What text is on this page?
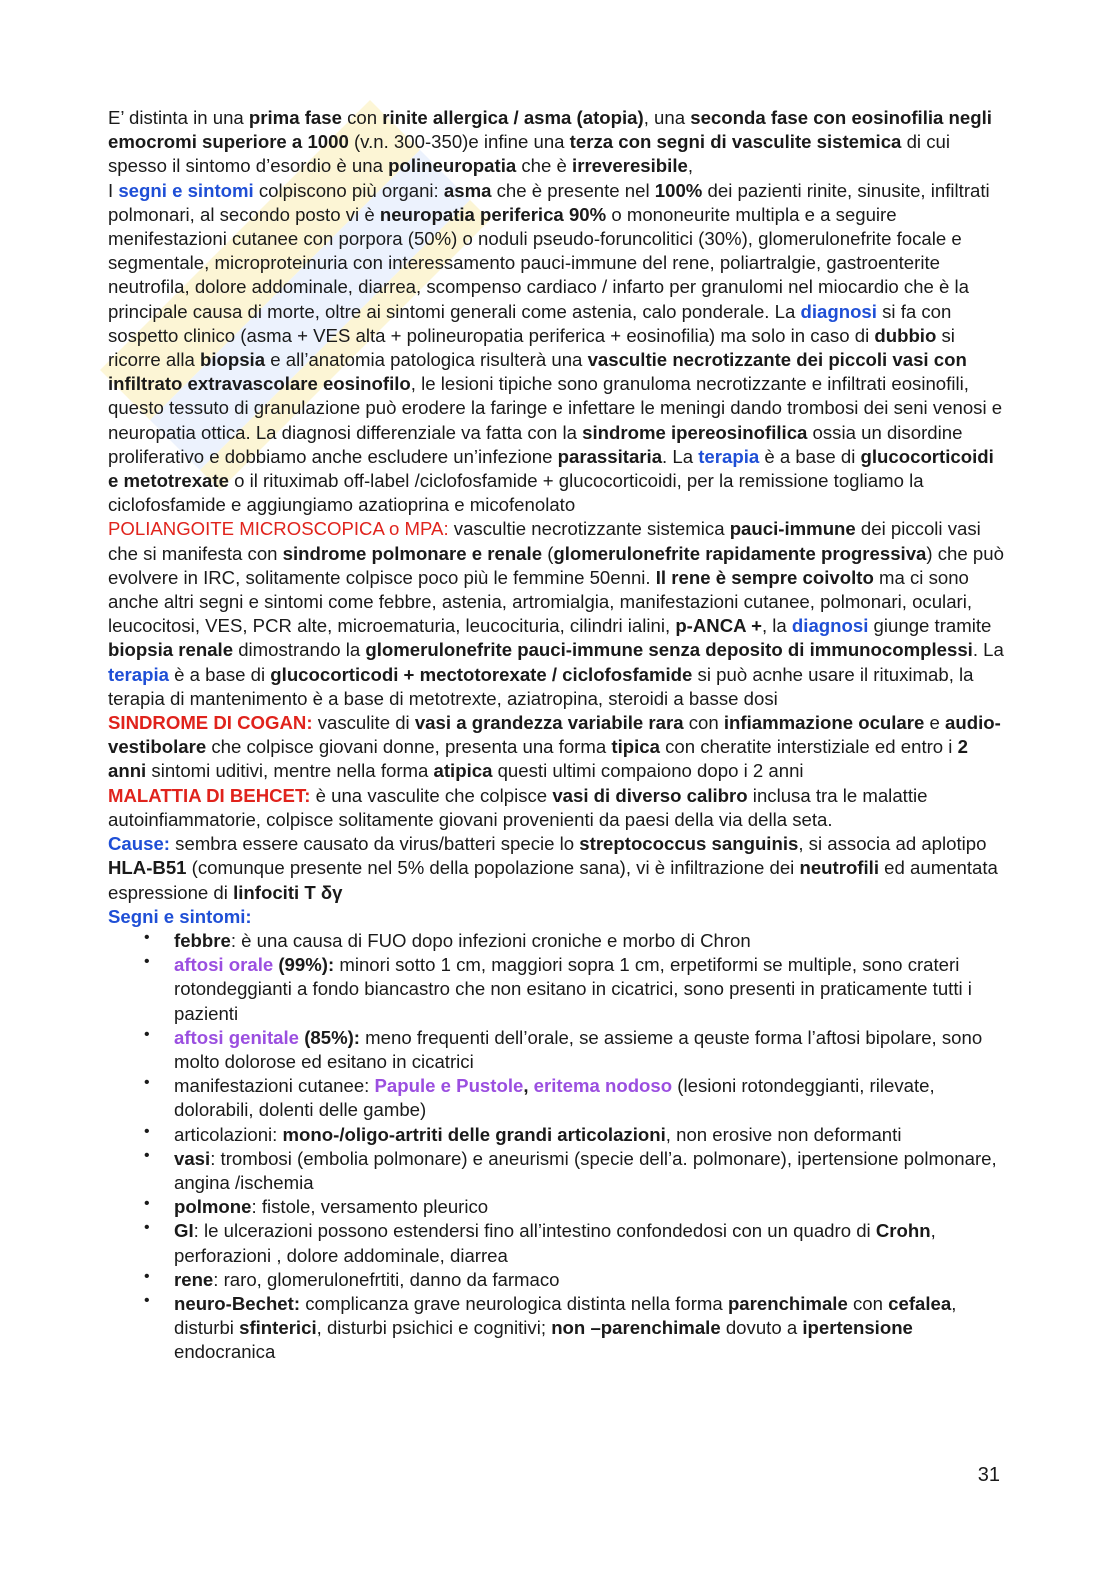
E’ distinta in una prima fase con rinite allergica / asma (atopia), una seconda fase con eosinofilia negli emocromi superiore a 1000 (v.n. 300-350)e infine una terza con segni di vasculite sistemica di cui spesso il sintomo d’esordio è una polineuropatia che è irreveresibile,
I segni e sintomi colpiscono più organi: asma che è presente nel 100% dei pazienti rinite, sinusite, infiltrati polmonari, al secondo posto vi è neuropatia periferica 90% o mononeurite multipla e a seguire menifestazioni cutanee con porpora (50%) o noduli pseudo-foruncolitici (30%), glomerulonefrite focale e segmentale, microproteinuria con interessamento pauci-immune del rene, poliartralgie, gastroenterite neutrofila, dolore addominale, diarrea, scompenso cardiaco / infarto per granulomi nel miocardio che è la principale causa di morte, oltre ai sintomi generali come astenia, calo ponderale. La diagnosi si fa con sospetto clinico (asma + VES alta + polineuropatia periferica + eosinofilia) ma solo in caso di dubbio si ricorre alla biopsia e all’anatomia patologica risulterà una vascultie necrotizzante dei piccoli vasi con infiltrato extravascolare eosinofilo, le lesioni tipiche sono granuloma necrotizzante e infiltrati eosinofili, questo tessuto di granulazione può erodere la faringe e infettare le meningi dando trombosi dei seni venosi e neuropatia ottica. La diagnosi differenziale va fatta con la sindrome ipereosinofilica ossia un disordine proliferativo e dobbiamo anche escludere un’infezione parassitaria. La terapia è a base di glucocorticoidi e metotrexate o il rituximab off-label /ciclofosfamide + glucocorticoidi, per la remissione togliamo la ciclofosfamide e aggiungiamo azatioprina e micofenolato

POLIANGOITE MICROSCOPICA o MPA: vascultie necrotizzante sistemica pauci-immune dei piccoli vasi che si manifesta con sindrome polmonare e renale (glomerulonefrite rapidamente progressiva) che può evolvere in IRC, solitamente colpisce poco più le femmine 50enni. Il rene è sempre coivolto ma ci sono anche altri segni e sintomi come febbre, astenia, artromialgia, manifestazioni cutanee, polmonari, oculari, leucocitosi, VES, PCR alte, microematuria, leucocituria, cilindri ialini, p-ANCA +, la diagnosi giunge tramite biopsia renale dimostrando la glomerulonefrite pauci-immune senza deposito di immunocomplessi. La terapia è a base di glucocorticodi + mectotorexate / ciclofosfamide si può acnhe usare il rituximab, la terapia di mantenimento è a base di metotrexte, aziatropina, steroidi a basse dosi

SINDROME DI COGAN: vasculite di vasi a grandezza variabile rara con infiammazione oculare e audio-vestibolare che colpisce giovani donne, presenta una forma tipica con cheratite interstiziale ed entro i 2 anni sintomi uditivi, mentre nella forma atipica questi ultimi compaiono dopo i 2 anni

MALATTIA DI BEHCET: è una vasculite che colpisce vasi di diverso calibro inclusa tra le malattie autoinfiammatorie, colpisce solitamente giovani provenienti da paesi della via della seta.

Cause: sembra essere causato da virus/batteri specie lo streptococcus sanguinis, si associa ad aplotipo HLA-B51 (comunque presente nel 5% della popolazione sana), vi è infiltrazione dei neutrofili ed aumentata espressione di linfociti T δγ

Segni e sintomi:

• febbre: è una causa di FUO dopo infezioni croniche e morbo di Chron
• aftosi orale (99%): minori sotto 1 cm, maggiori sopra 1 cm, erpetiformi se multiple, sono crateri rotondeggianti a fondo biancastro che non esitano in cicatrici, sono presenti in praticamente tutti i pazienti
• aftosi genitale (85%): meno frequenti dell’orale, se assieme a qeuste forma l’aftosi bipolare, sono molto dolorose ed esitano in cicatrici
• manifestazioni cutanee: Papule e Pustole, eritema nodoso (lesioni rotondeggianti, rilevate, dolorabili, dolenti delle gambe)
• articolazioni: mono-/oligo-artriti delle grandi articolazioni, non erosive non deformanti
• vasi: trombosi (embolia polmonare) e aneurismi (specie dell’a. polmonare), ipertensione polmonare, angina /ischemia
• polmone: fistole, versamento pleurico
• GI: le ulcerazioni possono estendersi fino all’intestino confondedosi con un quadro di Crohn, perforazioni , dolore addominale, diarrea
• rene: raro, glomerulonefrtiti, danno da farmaco
• neuro-Bechet: complicanza grave neurologica distinta nella forma parenchimale con cefalea, disturbi sfinterici, disturbi psichici e cognitivi; non –parenchimale dovuto a ipertensione endocranica
31
